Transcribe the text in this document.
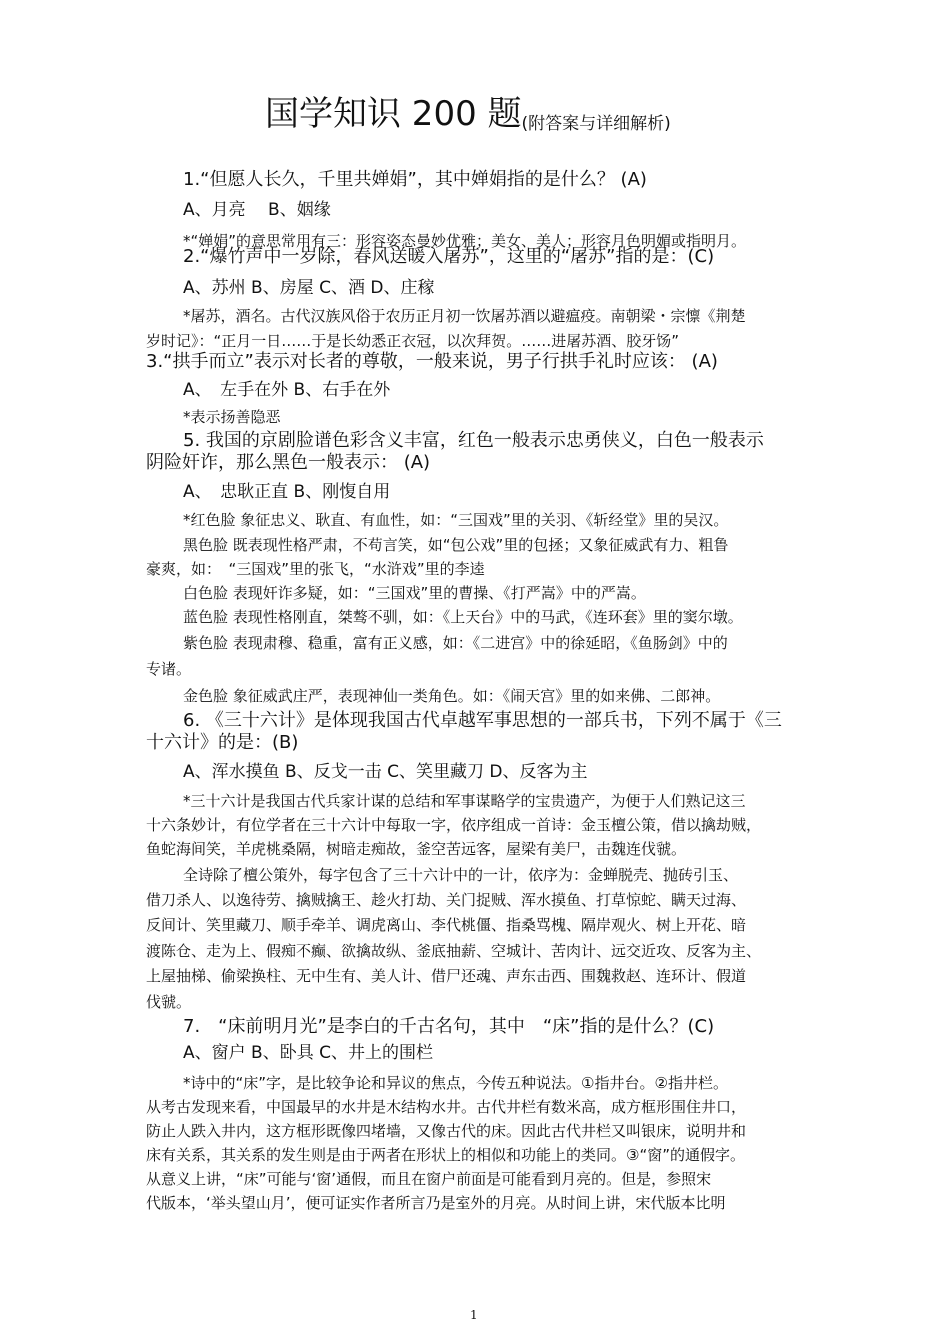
国学知识 200 题(附答案与详细解析)
1.“但愿人长久，千里共婵娟”，其中婵娟指的是什么？ (A)
A、月亮　 B、姻缘
*“婵娟”的意思常用有三：形容姿态曼妙优雅；美女、美人；形容月色明媚或指明月。
2.“爆竹声中一岁除，春风送暖入屠苏”，这里的“屠苏”指的是：(C)
A、苏州 B、房屋 C、酒 D、庄稼
*屠苏，酒名。古代汉族风俗于农历正月初一饮屠苏酒以避瘟疫。南朝梁・宗懔《荆楚
岁时记》：“正月一日……于是长幼悉正衣冠，以次拜贺。……进屠苏酒、胶牙饧”
3.“拱手而立”表示对长者的尊敬，一般来说，男子行拱手礼时应该： (A)
A、　左手在外 B、右手在外
*表示扬善隐恶
5. 我国的京剧脸谱色彩含义丰富，红色一般表示忠勇侠义，白色一般表示
阴险奸诈，那么黑色一般表示： (A)
A、　忠耿正直 B、刚愎自用
*红色脸 象征忠义、耿直、有血性，如：“三国戏”里的关羽、《斩经堂》里的吴汉。
黑色脸 既表现性格严肃，不苟言笑，如“包公戏”里的包拯；又象征威武有力、粗鲁
豪爽，如：　“三国戏”里的张飞，“水浒戏”里的李逵
白色脸 表现奸诈多疑，如：“三国戏”里的曹操、《打严嵩》中的严嵩。
蓝色脸 表现性格刚直，桀骜不驯，如：《上天台》中的马武，《连环套》里的窦尔墩。
紫色脸 表现肃穆、稳重，富有正义感，如：《二进宫》中的徐延昭，《鱼肠剑》中的
专诸。
金色脸 象征威武庄严，表现神仙一类角色。如：《闹天宫》里的如来佛、二郎神。
6. 《三十六计》是体现我国古代卓越军事思想的一部兵书，下列不属于《三
十六计》的是：(B)
A、浑水摸鱼 B、反戈一击 C、笑里藏刀 D、反客为主
*三十六计是我国古代兵家计谋的总结和军事谋略学的宝贵遗产，为便于人们熟记这三
十六条妙计，有位学者在三十六计中每取一字，依序组成一首诗：金玉檀公策，借以擒劫贼，
鱼蛇海间笑，羊虎桃桑隔，树暗走痴故，釜空苦远客，屋梁有美尸，击魏连伐虢。
全诗除了檀公策外，每字包含了三十六计中的一计，依序为：金蝉脱壳、抛砖引玉、
借刀杀人、以逸待劳、擒贼擒王、趁火打劫、关门捉贼、浑水摸鱼、打草惊蛇、瞒天过海、
反间计、笑里藏刀、顺手牵羊、调虎离山、李代桃僵、指桑骂槐、隔岸观火、树上开花、暗
渡陈仓、走为上、假痴不癫、欲擒故纵、釜底抽薪、空城计、苦肉计、远交近攻、反客为主、
上屋抽梯、偷梁换柱、无中生有、美人计、借尸还魂、声东击西、围魏救赵、连环计、假道
伐虢。
7.　“床前明月光”是李白的千古名句，其中　“床”指的是什么？(C)
A、窗户 B、卧具 C、井上的围栏
*诗中的“床”字，是比较争论和异议的焦点，今传五种说法。①指井台。②指井栏。
从考古发现来看，中国最早的水井是木结构水井。古代井栏有数米高，成方框形围住井口，
防止人跌入井内，这方框形既像四堵墙，又像古代的床。因此古代井栏又叫银床，说明井和
床有关系，其关系的发生则是由于两者在形状上的相似和功能上的类同。③“窗”的通假字。
从意义上讲，“床”可能与‘窗’通假，而且在窗户前面是可能看到月亮的。但是，参照宋
代版本，‘举头望山月’，便可证实作者所言乃是室外的月亮。从时间上讲，宋代版本比明
1
